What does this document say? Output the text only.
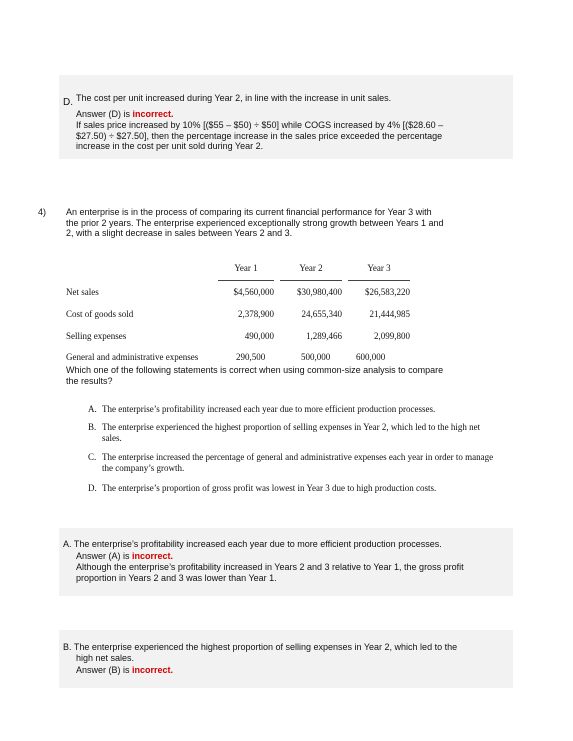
D. The cost per unit increased during Year 2, in line with the increase in unit sales.
Answer (D) is incorrect.
If sales price increased by 10% [($55 – $50) ÷ $50] while COGS increased by 4% [($28.60 –
$27.50) ÷ $27.50], then the percentage increase in the sales price exceeded the percentage
increase in the cost per unit sold during Year 2.
4) An enterprise is in the process of comparing its current financial performance for Year 3 with
the prior 2 years. The enterprise experienced exceptionally strong growth between Years 1 and
2, with a slight decrease in sales between Years 2 and 3.
	Year 1		Year 2		Year 3
Net sales	$4,560,000		$30,980,400		$26,583,220
Cost of goods sold	2,378,900		24,655,340		21,444,985
Selling expenses	490,000		1,289,466		2,099,800
General and administrative expenses	290,500	500,000	600,000
Which one of the following statements is correct when using common-size analysis to compare
the results?
A. The enterprise’s profitability increased each year due to more efficient production processes.
B. The enterprise experienced the highest proportion of selling expenses in Year 2, which led to the high net
sales.
C. The enterprise increased the percentage of general and administrative expenses each year in order to manage
the company’s growth.
D. The enterprise’s proportion of gross profit was lowest in Year 3 due to high production costs.
A. The enterprise’s profitability increased each year due to more efficient production processes.
Answer (A) is incorrect.
Although the enterprise’s profitability increased in Years 2 and 3 relative to Year 1, the gross profit
proportion in Years 2 and 3 was lower than Year 1.
B. The enterprise experienced the highest proportion of selling expenses in Year 2, which led to the
high net sales.
Answer (B) is incorrect.
